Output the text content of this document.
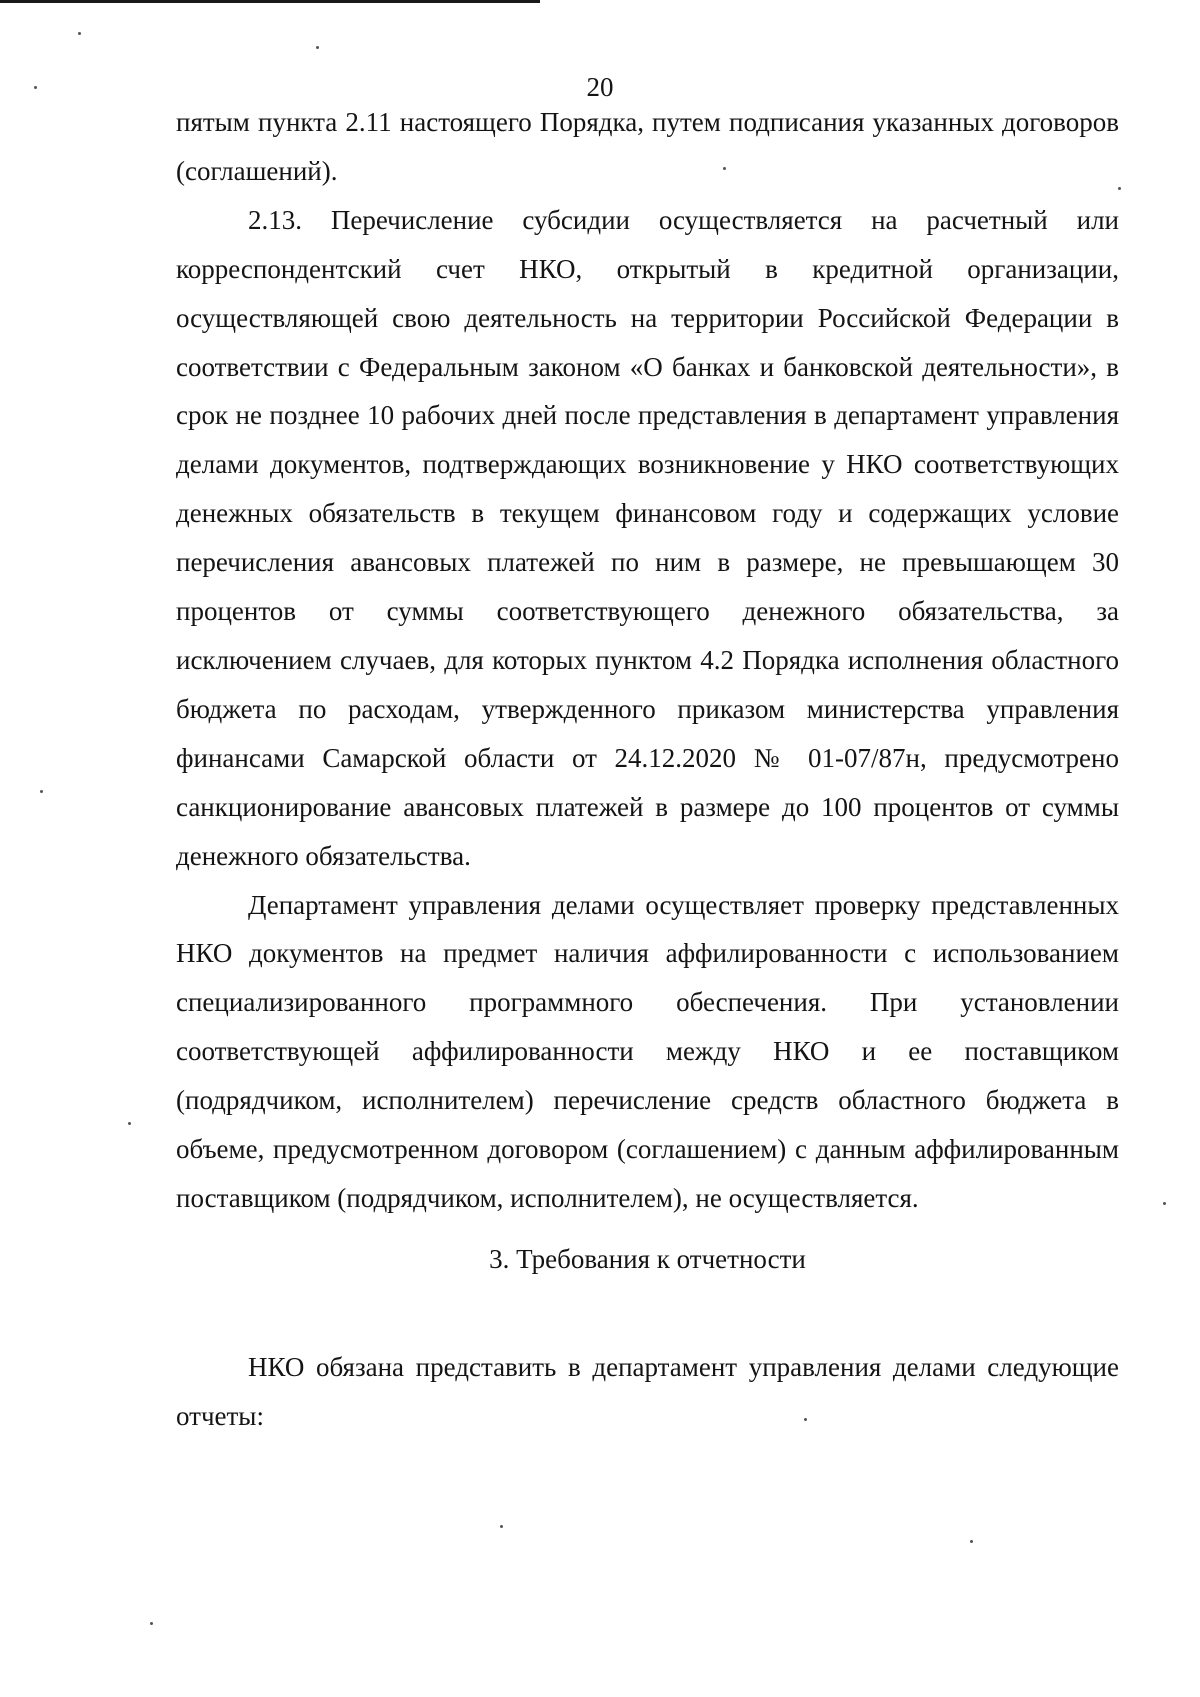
20

пятым пункта 2.11 настоящего Порядка, путем подписания указанных договоров (соглашений).

2.13. Перечисление субсидии осуществляется на расчетный или корреспондентский счет НКО, открытый в кредитной организации, осуществляющей свою деятельность на территории Российской Федерации в соответствии с Федеральным законом «О банках и банковской деятельности», в срок не позднее 10 рабочих дней после представления в департамент управления делами документов, подтверждающих возникновение у НКО соответствующих денежных обязательств в текущем финансовом году и содержащих условие перечисления авансовых платежей по ним в размере, не превышающем 30 процентов от суммы соответствующего денежного обязательства, за исключением случаев, для которых пунктом 4.2 Порядка исполнения областного бюджета по расходам, утвержденного приказом министерства управления финансами Самарской области от 24.12.2020 № 01-07/87н, предусмотрено санкционирование авансовых платежей в размере до 100 процентов от суммы денежного обязательства.

Департамент управления делами осуществляет проверку представленных НКО документов на предмет наличия аффилированности с использованием специализированного программного обеспечения. При установлении соответствующей аффилированности между НКО и ее поставщиком (подрядчиком, исполнителем) перечисление средств областного бюджета в объеме, предусмотренном договором (соглашением) с данным аффилированным поставщиком (подрядчиком, исполнителем), не осуществляется.

3. Требования к отчетности

НКО обязана представить в департамент управления делами следующие отчеты:
